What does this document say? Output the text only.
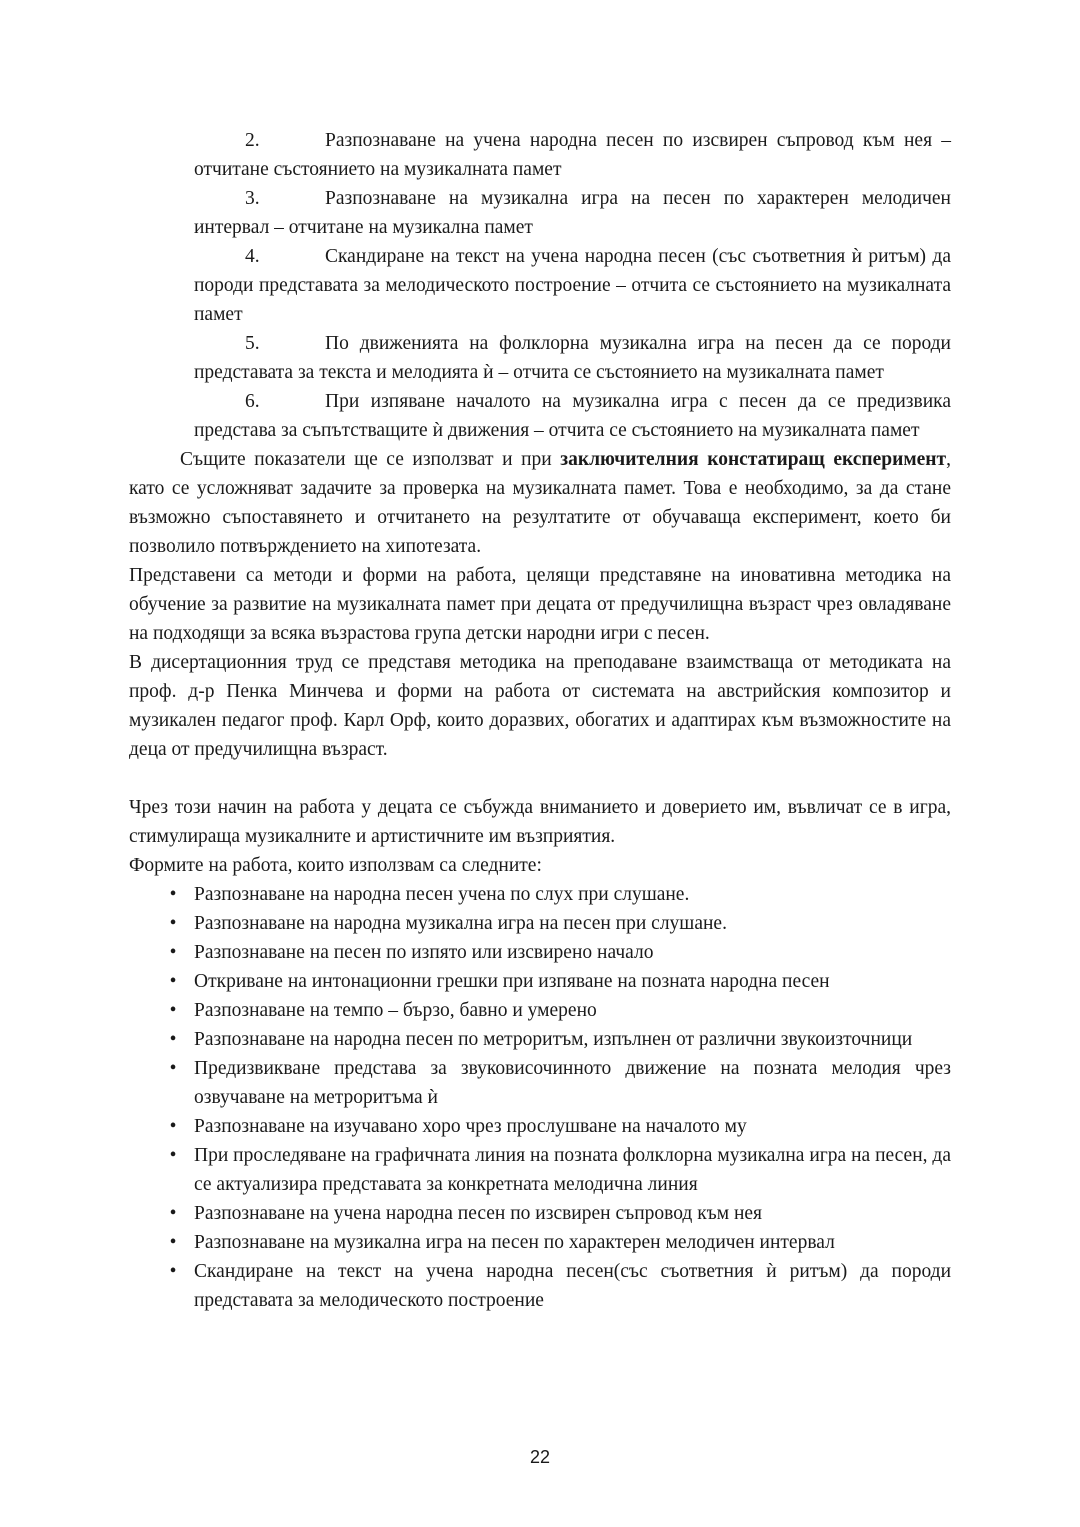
2.	Разпознаване на учена народна песен по изсвирен съпровод към нея – отчитане състоянието на музикалната памет
3.	Разпознаване на музикална игра на песен по характерен мелодичен интервал – отчитане на музикална памет
4.	Скандиране на текст на учена народна песен (със съответния ѝ ритъм) да породи представата за мелодическото построение – отчита се състоянието на музикалната памет
5.	По движенията на фолклорна музикална игра на песен да се породи представата за текста и мелодията ѝ – отчита се състоянието на музикалната памет
6.	При изпяване началото на музикална игра с песен да се предизвика представа за съпътстващите ѝ движения – отчита се състоянието на музикалната памет

Същите показатели ще се използват и при заключителния констатиращ експеримент, като се усложняват задачите за проверка на музикалната памет. Това е необходимо, за да стане възможно съпоставянето и отчитането на резултатите от обучаваща експеримент, което би позволило потвърждението на хипотезата.

Представени са методи и форми на работа, целящи представяне на иновативна методика на обучение за развитие на музикалната памет при децата от предучилищна възраст чрез овладяване на подходящи за всяка възрастова група детски народни игри с песен.

В дисертационния труд се представя методика на преподаване взаимстваща от методиката на проф. д-р Пенка Минчева и форми на работа от системата на австрийския композитор и музикален педагог проф. Карл Орф, които доразвих, обогатих и адаптирах към възможностите на деца от предучилищна възраст.

Чрез този начин на работа у децата се събужда вниманието и доверието им, въвличат се в игра, стимулираща музикалните и артистичните им възприятия.

Формите на работа, които използвам са следните:

• Разпознаване на народна песен учена по слух при слушане.
• Разпознаване на народна музикална игра на песен при слушане.
• Разпознаване на песен по изпято или изсвирено начало
• Откриване на интонационни грешки при изпяване на позната народна песен
• Разпознаване на темпо – бързо, бавно и умерено
• Разпознаване на народна песен по метроритъм, изпълнен от различни звукоизточници
• Предизвикване представа за звуковисочинното движение на позната мелодия чрез озвучаване на метроритъма ѝ
• Разпознаване на изучавано хоро чрез прослушване на началото му
• При проследяване на графичната линия на позната фолклорна музикална игра на песен, да се актуализира представата за конкретната мелодична линия
• Разпознаване на учена народна песен по изсвирен съпровод към нея
• Разпознаване на музикална игра на песен по характерен мелодичен интервал
• Скандиране на текст на учена народна песен(със съответния ѝ ритъм) да породи представата за мелодическото построение
22
